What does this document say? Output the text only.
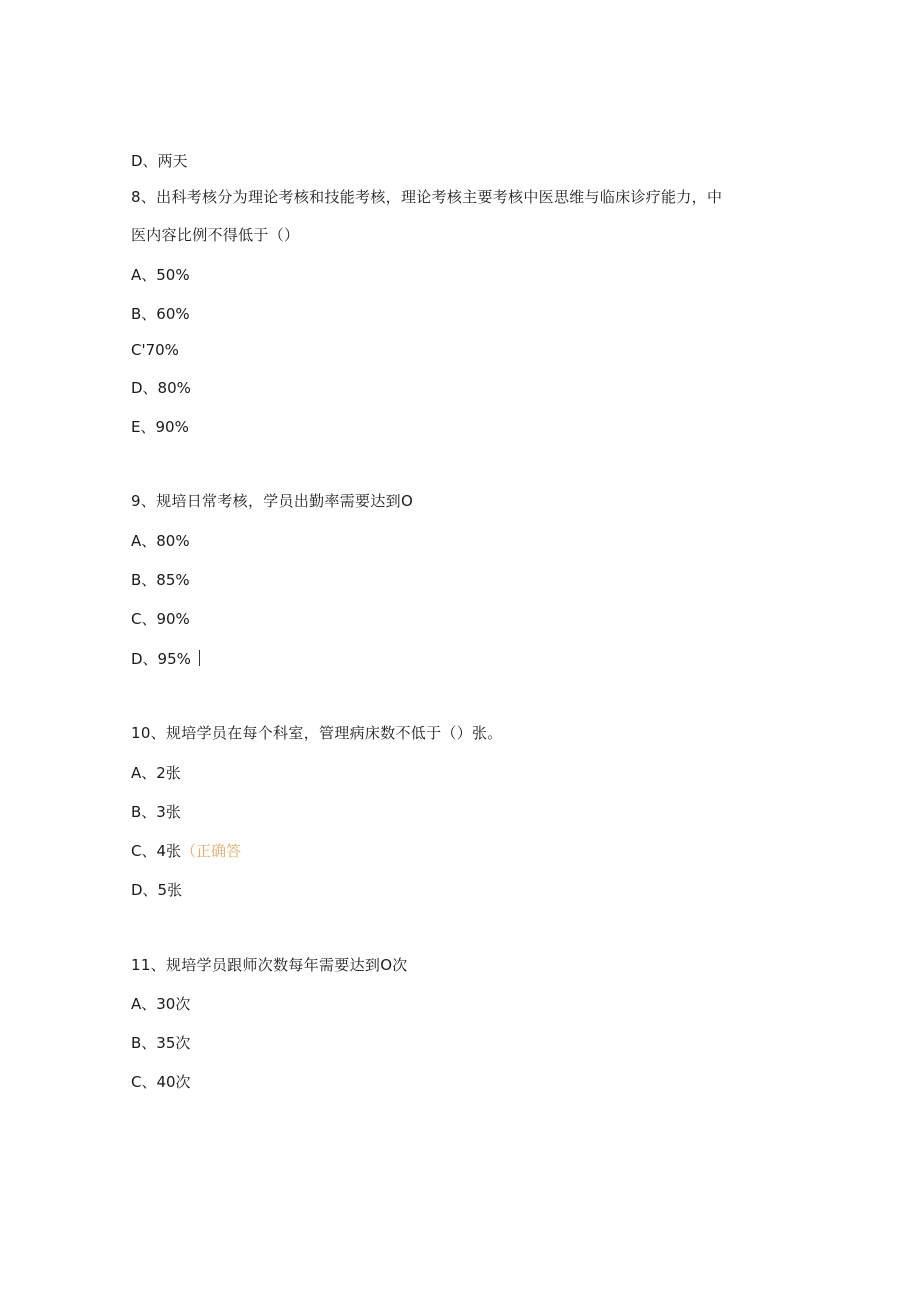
D、两天
8、出科考核分为理论考核和技能考核，理论考核主要考核中医思维与临床诊疗能力，中
医内容比例不得低于（）
A、50%
B、60%
C'70%
D、80%
E、90%
9、规培日常考核，学员出勤率需要达到O
A、80%
B、85%
C、90%
D、95%
10、规培学员在每个科室，管理病床数不低于（）张。
A、2张
B、3张
C、4张（正确答
D、5张
11、规培学员跟师次数每年需要达到O次
A、30次
B、35次
C、40次
